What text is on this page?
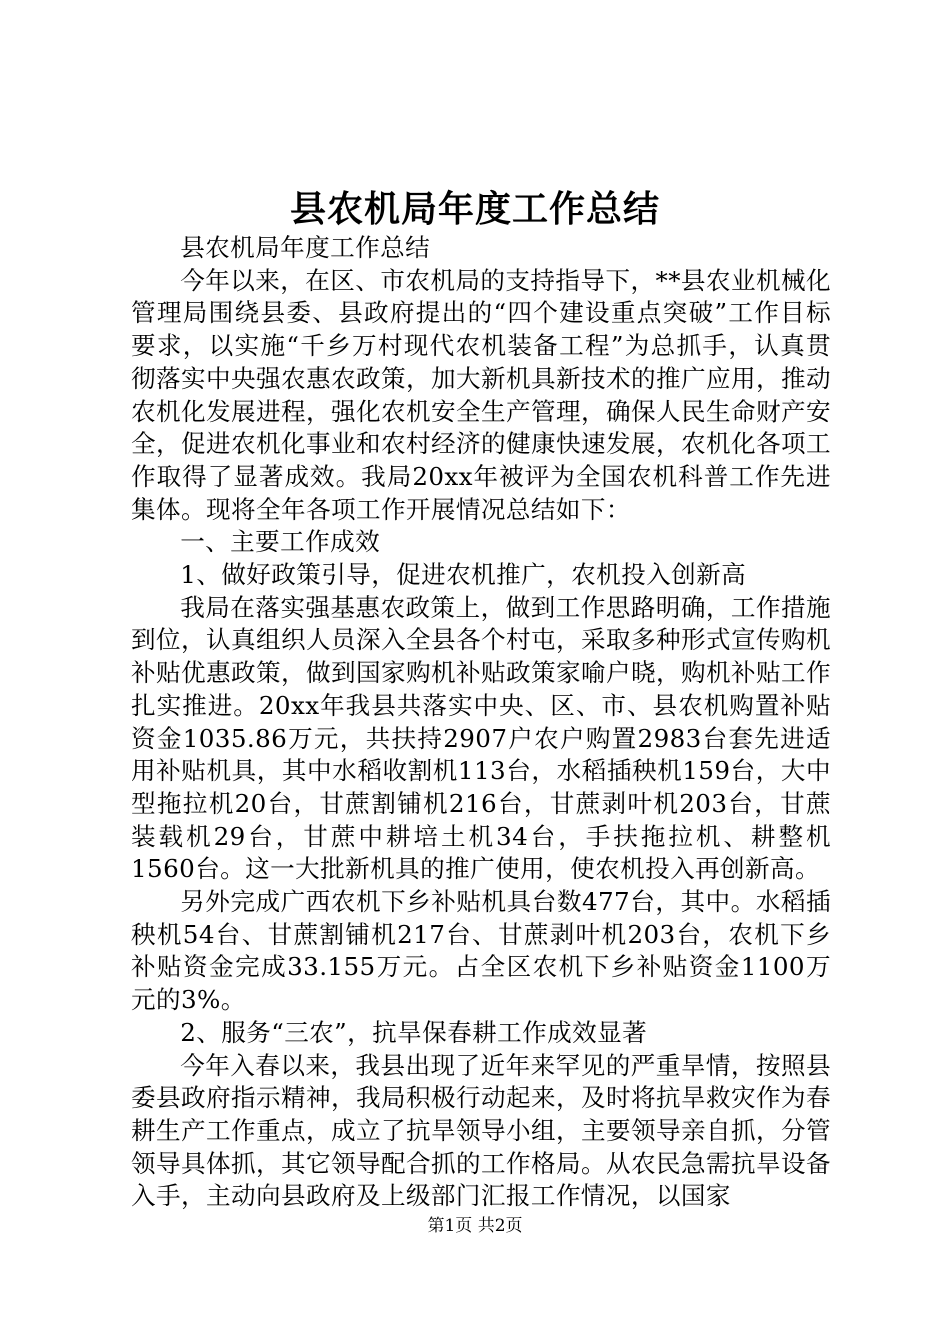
县农机局年度工作总结

县农机局年度工作总结

今年以来，在区、市农机局的支持指导下，**县农业机械化管理局围绕县委、县政府提出的“四个建设重点突破”工作目标要求，以实施“千乡万村现代农机装备工程”为总抓手，认真贯彻落实中央强农惠农政策，加大新机具新技术的推广应用，推动农机化发展进程，强化农机安全生产管理，确保人民生命财产安全，促进农机化事业和农村经济的健康快速发展，农机化各项工作取得了显著成效。我局20xx年被评为全国农机科普工作先进集体。现将全年各项工作开展情况总结如下：

一、主要工作成效

1、做好政策引导，促进农机推广，农机投入创新高

我局在落实强基惠农政策上，做到工作思路明确，工作措施到位，认真组织人员深入全县各个村屯，采取多种形式宣传购机补贴优惠政策，做到国家购机补贴政策家喻户晓，购机补贴工作扎实推进。20xx年我县共落实中央、区、市、县农机购置补贴资金1035.86万元，共扶持2907户农户购置2983台套先进适用补贴机具，其中水稻收割机113台，水稻插秧机159台，大中型拖拉机20台，甘蔗割铺机216台，甘蔗剥叶机203台，甘蔗装载机29台，甘蔗中耕培土机34台，手扶拖拉机、耕整机1560台。这一大批新机具的推广使用，使农机投入再创新高。

另外完成广西农机下乡补贴机具台数477台，其中。水稻插秧机54台、甘蔗割铺机217台、甘蔗剥叶机203台，农机下乡补贴资金完成33.155万元。占全区农机下乡补贴资金1100万元的3%。

2、服务“三农”，抗旱保春耕工作成效显著

今年入春以来，我县出现了近年来罕见的严重旱情，按照县委县政府指示精神，我局积极行动起来，及时将抗旱救灾作为春耕生产工作重点，成立了抗旱领导小组，主要领导亲自抓，分管领导具体抓，其它领导配合抓的工作格局。从农民急需抗旱设备入手，主动向县政府及上级部门汇报工作情况，以国家

第1页 共2页
